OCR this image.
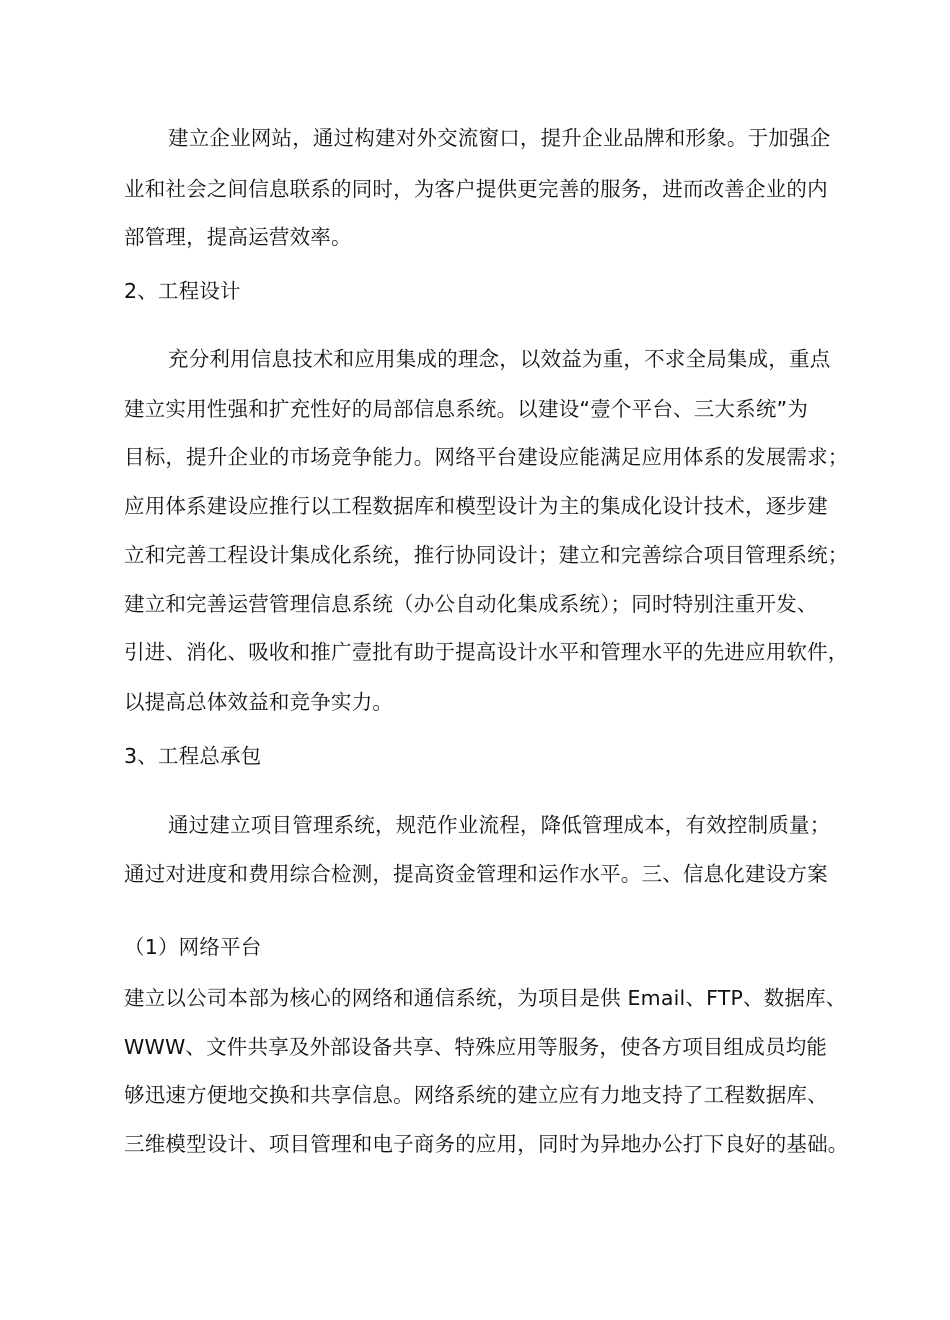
建立企业网站，通过构建对外交流窗口，提升企业品牌和形象。于加强企
业和社会之间信息联系的同时，为客户提供更完善的服务，进而改善企业的内
部管理，提高运营效率。
2、工程设计
充分利用信息技术和应用集成的理念，以效益为重，不求全局集成，重点
建立实用性强和扩充性好的局部信息系统。以建设“壹个平台、三大系统”为
目标，提升企业的市场竞争能力。网络平台建设应能满足应用体系的发展需求；
应用体系建设应推行以工程数据库和模型设计为主的集成化设计技术，逐步建
立和完善工程设计集成化系统，推行协同设计；建立和完善综合项目管理系统；
建立和完善运营管理信息系统（办公自动化集成系统）；同时特别注重开发、
引进、消化、吸收和推广壹批有助于提高设计水平和管理水平的先进应用软件，
以提高总体效益和竞争实力。
3、工程总承包
通过建立项目管理系统，规范作业流程，降低管理成本，有效控制质量；
通过对进度和费用综合检测，提高资金管理和运作水平。三、信息化建设方案
（1）网络平台
建立以公司本部为核心的网络和通信系统，为项目是供 Email、FTP、数据库、
WWW、文件共享及外部设备共享、特殊应用等服务，使各方项目组成员均能
够迅速方便地交换和共享信息。网络系统的建立应有力地支持了工程数据库、
三维模型设计、项目管理和电子商务的应用，同时为异地办公打下良好的基础。
